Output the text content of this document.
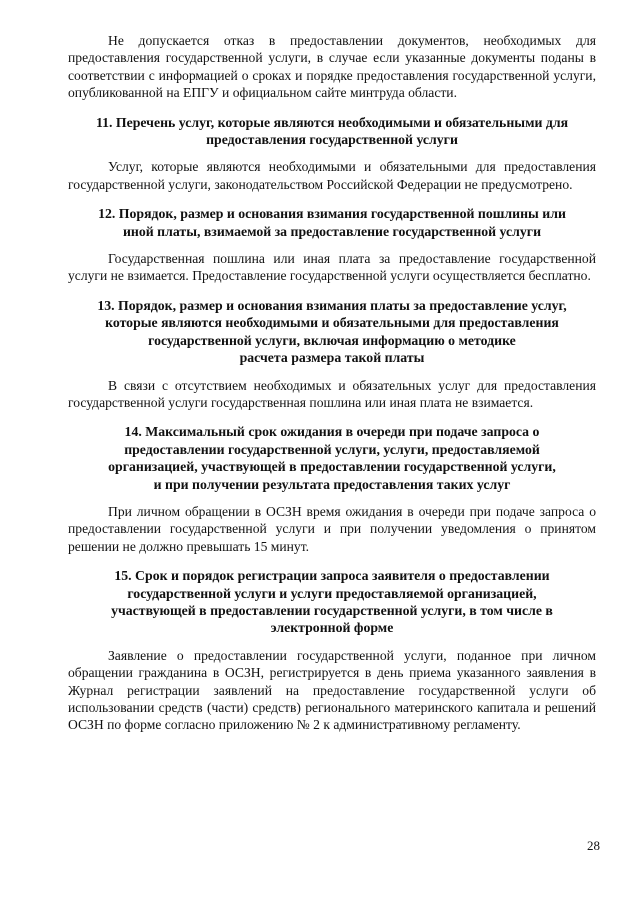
Не допускается отказ в предоставлении документов, необходимых для предоставления государственной услуги, в случае если указанные документы поданы в соответствии с информацией о сроках и порядке предоставления государственной услуги, опубликованной на ЕПГУ и официальном сайте минтруда области.

11. Перечень услуг, которые являются необходимыми и обязательными для
предоставления государственной услуги

Услуг, которые являются необходимыми и обязательными для предоставления государственной услуги, законодательством Российской Федерации не предусмотрено.

12. Порядок, размер и основания взимания государственной пошлины или
иной платы, взимаемой за предоставление государственной услуги

Государственная пошлина или иная плата за предоставление государственной услуги не взимается. Предоставление государственной услуги осуществляется бесплатно.

13. Порядок, размер и основания взимания платы за предоставление услуг,
которые являются необходимыми и обязательными для предоставления
государственной услуги, включая информацию о методике
расчета размера такой платы

В связи с отсутствием необходимых и обязательных услуг для предоставления государственной услуги государственная пошлина или иная плата не взимается.

14. Максимальный срок ожидания в очереди при подаче запроса о
предоставлении государственной услуги, услуги, предоставляемой
организацией, участвующей в предоставлении государственной услуги,
и при получении результата предоставления таких услуг

При личном обращении в ОСЗН время ожидания в очереди при подаче запроса о предоставлении государственной услуги и при получении уведомления о принятом решении не должно превышать 15 минут.

15. Срок и порядок регистрации запроса заявителя о предоставлении
государственной услуги и услуги предоставляемой организацией,
участвующей в предоставлении государственной услуги, в том числе в
электронной форме

Заявление о предоставлении государственной услуги, поданное при личном обращении гражданина в ОСЗН, регистрируется в день приема указанного заявления в Журнал регистрации заявлений на предоставление государственной услуги об использовании средств (части) средств) регионального материнского капитала и решений ОСЗН по форме согласно приложению № 2 к административному регламенту.

28
